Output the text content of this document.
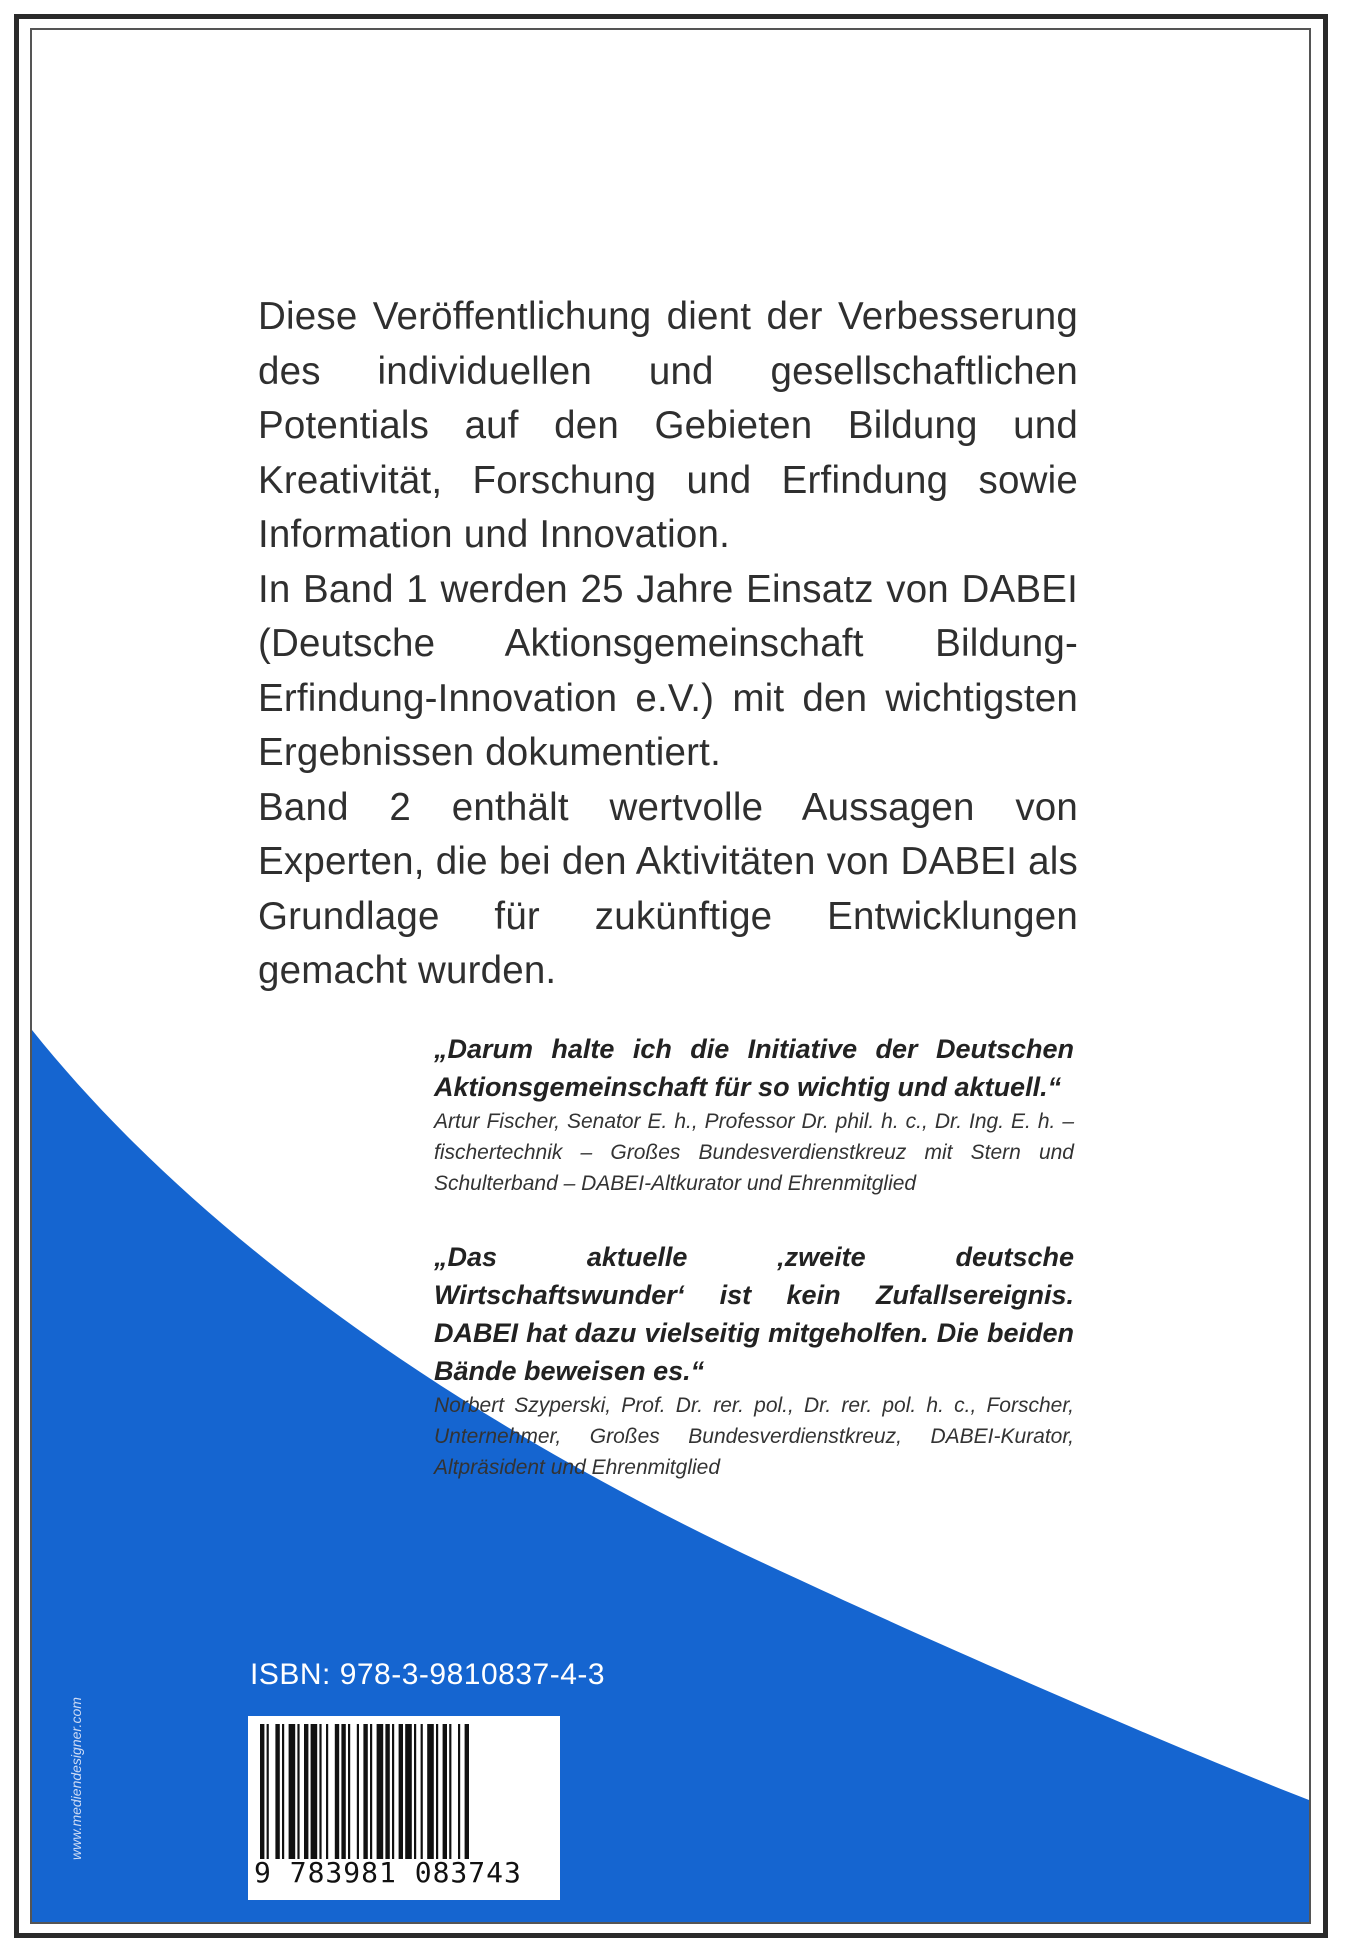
Diese Veröffentlichung dient der Verbesserung des individuellen und gesellschaftlichen Potentials auf den Gebieten Bildung und Kreativität, Forschung und Erfindung sowie Information und Innovation.

In Band 1 werden 25 Jahre Einsatz von DABEI (Deutsche Aktionsgemeinschaft Bildung-Erfindung-Innovation e.V.) mit den wichtigsten Ergebnissen dokumentiert.

Band 2 enthält wertvolle Aussagen von Experten, die bei den Aktivitäten von DABEI als Grundlage für zukünftige Entwicklungen gemacht wurden.

„Darum halte ich die Initiative der Deutschen Aktionsgemeinschaft für so wichtig und aktuell.“

Artur Fischer, Senator E. h., Professor Dr. phil. h. c., Dr. Ing. E. h. – fischertechnik – Großes Bundesverdienstkreuz mit Stern und Schulterband – DABEI-Altkurator und Ehrenmitglied

„Das aktuelle ‚zweite deutsche Wirtschaftswunder‘ ist kein Zufallsereignis. DABEI hat dazu vielseitig mitgeholfen. Die beiden Bände beweisen es.“

Norbert Szyperski, Prof. Dr. rer. pol., Dr. rer. pol. h. c., Forscher, Unternehmer, Großes Bundesverdienstkreuz, DABEI-Kurator, Altpräsident und Ehrenmitglied

ISBN: 978-3-9810837-4-3
9 783981 083743
www.mediendesigner.com
